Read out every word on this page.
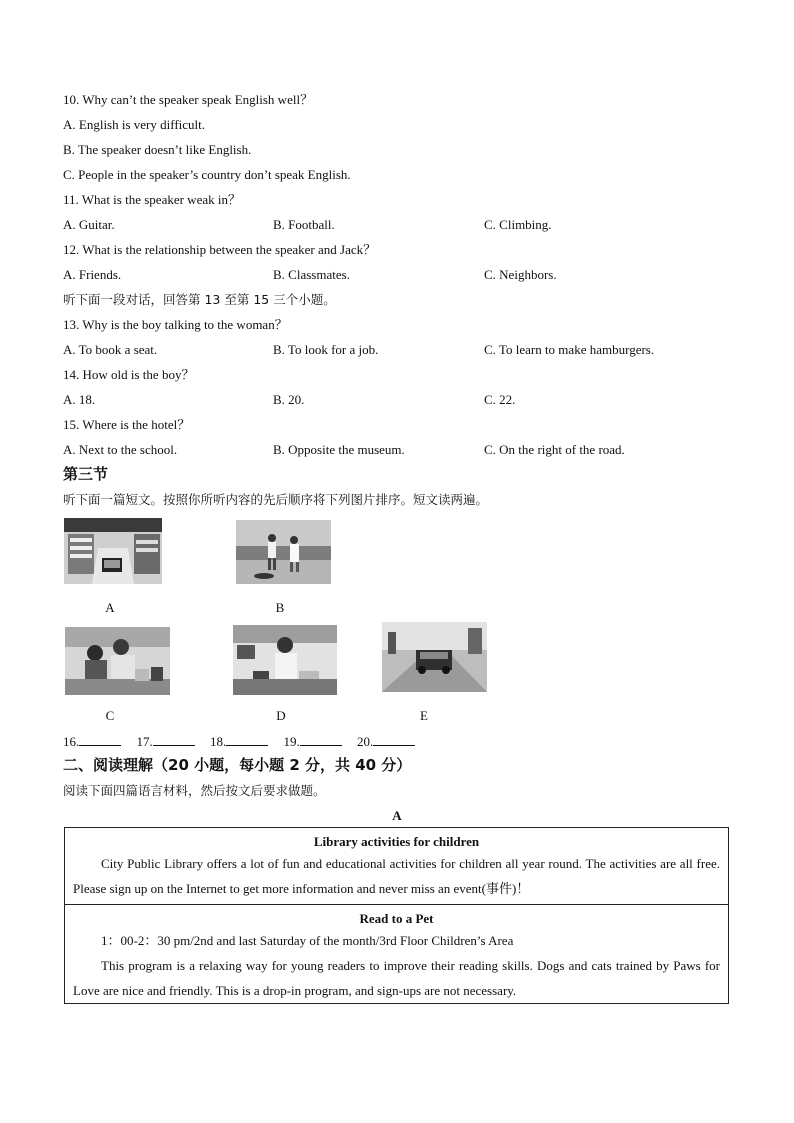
10. Why can’t the speaker speak English well？
A. English is very difficult.
B. The speaker doesn’t like English.
C. People in the speaker’s country don’t speak English.
11. What is the speaker weak in？
A. Guitar.	B. Football.	C. Climbing.
12. What is the relationship between the speaker and Jack？
A. Friends.	B. Classmates.	C. Neighbors.
听下面一段对话，回答第 13 至第 15 三个小题。
13. Why is the boy talking to the woman？
A. To book a seat.	B. To look for a job.	C. To learn to make hamburgers.
14. How old is the boy？
A. 18.	B. 20.	C. 22.
15. Where is the hotel？
A. Next to the school.	B. Opposite the museum.	C. On the right of the road.
第三节
听下面一篇短文。按照你所听内容的先后顺序将下列图片排序。短文读两遍。
A	B
C	D	E
16.	17.	18.	19.	20.
二、阅读理解（20 小题，每小题 2 分，共 40 分）
阅读下面四篇语言材料，然后按文后要求做题。
A
Library activities for children
City Public Library offers a lot of fun and educational activities for children all year round. The activities are all free. Please sign up on the Internet to get more information and never miss an event(事件)！
Read to a Pet
1：00-2：30 pm/2nd and last Saturday of the month/3rd Floor Children’s Area
This program is a relaxing way for young readers to improve their reading skills. Dogs and cats trained by Paws for Love are nice and friendly. This is a drop-in program, and sign-ups are not necessary.
